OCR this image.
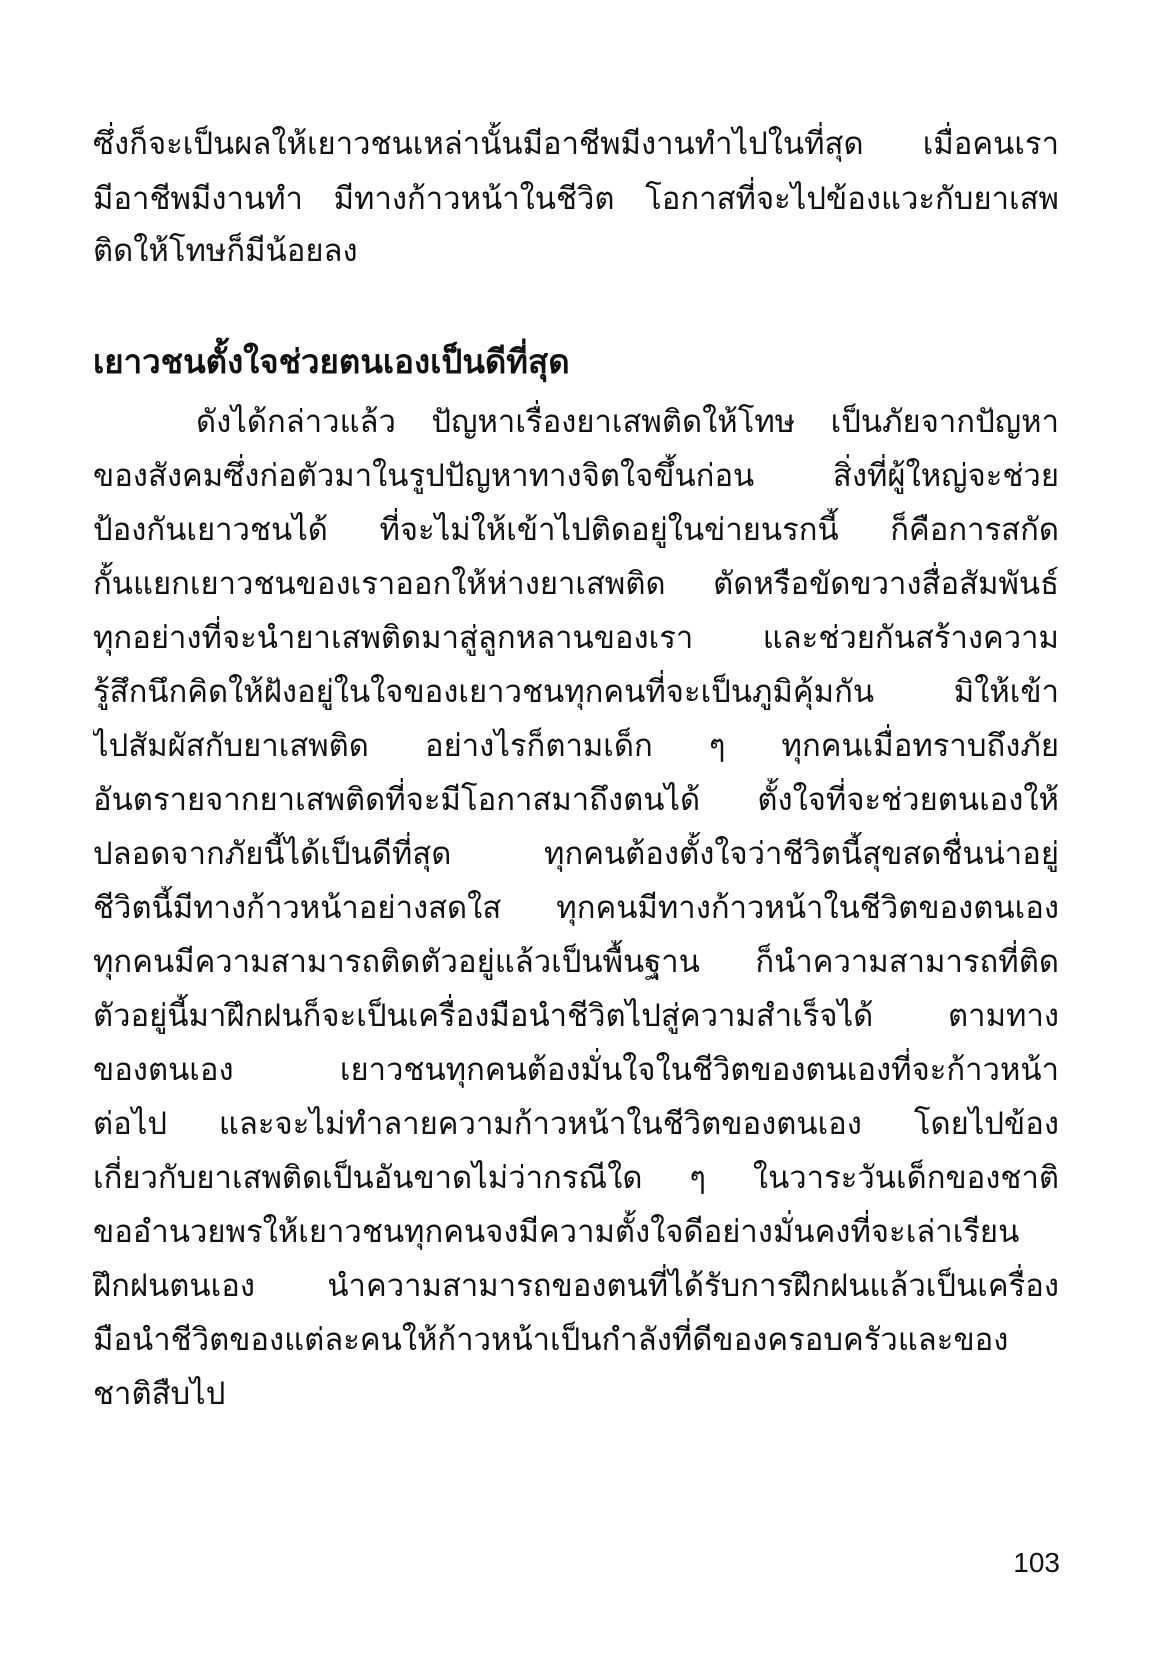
ซึ่งก็จะเป็นผลให้เยาวชนเหล่านั้นมีอาชีพมีงานทำไปในที่สุด เมื่อคนเรา
มีอาชีพมีงานทำ มีทางก้าวหน้าในชีวิต โอกาสที่จะไปข้องแวะกับยาเสพ
ติดให้โทษก็มีน้อยลง
เยาวชนตั้งใจช่วยตนเองเป็นดีที่สุด
ดังได้กล่าวแล้ว ปัญหาเรื่องยาเสพติดให้โทษ เป็นภัยจากปัญหา
ของสังคมซึ่งก่อตัวมาในรูปปัญหาทางจิตใจขึ้นก่อน สิ่งที่ผู้ใหญ่จะช่วย
ป้องกันเยาวชนได้ ที่จะไม่ให้เข้าไปติดอยู่ในข่ายนรกนี้ ก็คือการสกัด
กั้นแยกเยาวชนของเราออกให้ห่างยาเสพติด ตัดหรือขัดขวางสื่อสัมพันธ์
ทุกอย่างที่จะนำยาเสพติดมาสู่ลูกหลานของเรา และช่วยกันสร้างความ
รู้สึกนึกคิดให้ฝังอยู่ในใจของเยาวชนทุกคนที่จะเป็นภูมิคุ้มกัน มิให้เข้า
ไปสัมผัสกับยาเสพติด อย่างไรก็ตามเด็ก ๆ ทุกคนเมื่อทราบถึงภัย
อันตรายจากยาเสพติดที่จะมีโอกาสมาถึงตนได้ ตั้งใจที่จะช่วยตนเองให้
ปลอดจากภัยนี้ได้เป็นดีที่สุด ทุกคนต้องตั้งใจว่าชีวิตนี้สุขสดชื่นน่าอยู่
ชีวิตนี้มีทางก้าวหน้าอย่างสดใส ทุกคนมีทางก้าวหน้าในชีวิตของตนเอง
ทุกคนมีความสามารถติดตัวอยู่แล้วเป็นพื้นฐาน ก็นำความสามารถที่ติด
ตัวอยู่นี้มาฝึกฝนก็จะเป็นเครื่องมือนำชีวิตไปสู่ความสำเร็จได้ ตามทาง
ของตนเอง เยาวชนทุกคนต้องมั่นใจในชีวิตของตนเองที่จะก้าวหน้า
ต่อไป และจะไม่ทำลายความก้าวหน้าในชีวิตของตนเอง โดยไปข้อง
เกี่ยวกับยาเสพติดเป็นอันขาดไม่ว่ากรณีใด ๆ ในวาระวันเด็กของชาติ
ขออำนวยพรให้เยาวชนทุกคนจงมีความตั้งใจดีอย่างมั่นคงที่จะเล่าเรียน
ฝึกฝนตนเอง นำความสามารถของตนที่ได้รับการฝึกฝนแล้วเป็นเครื่อง
มือนำชีวิตของแต่ละคนให้ก้าวหน้าเป็นกำลังที่ดีของครอบครัวและของ
ชาติสืบไป
103
